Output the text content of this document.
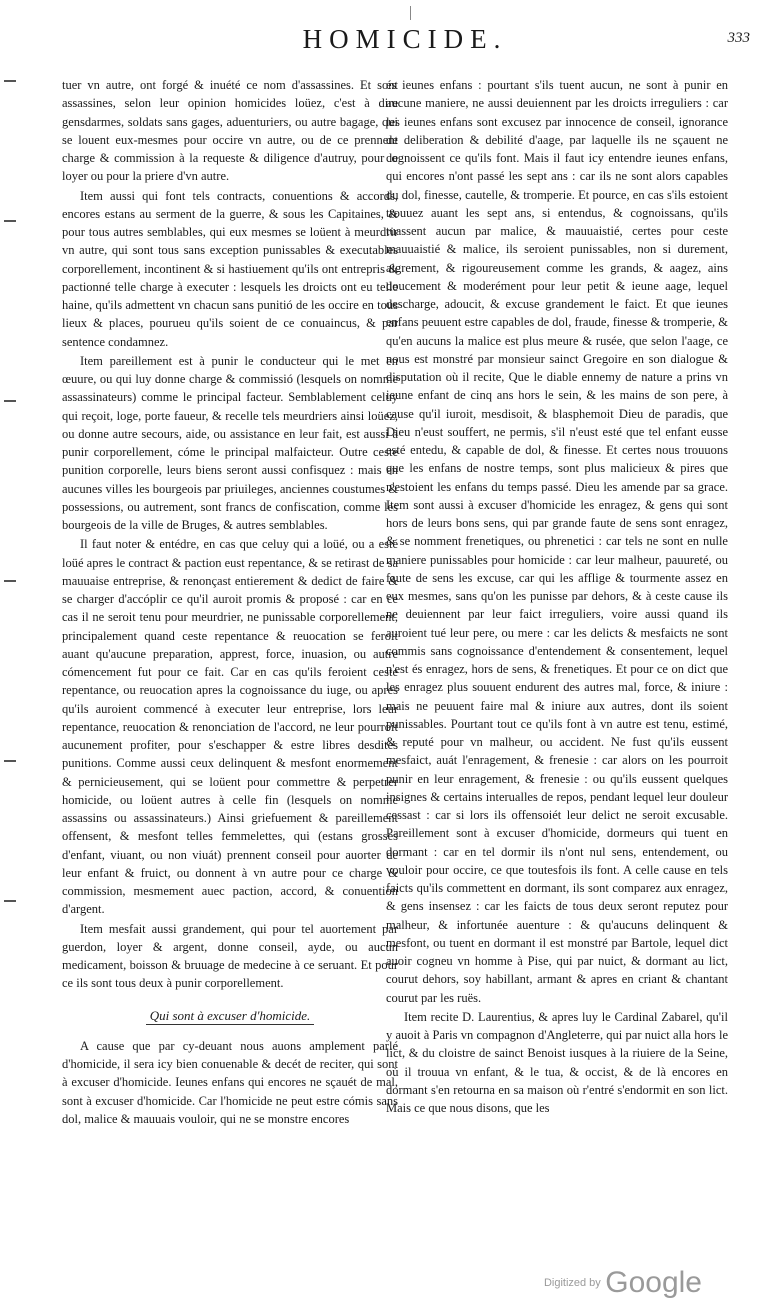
HOMICIDE.	333

tuer vn autre, ont forgé & inuété ce nom d'assassines. Et sont assassines, selon leur opinion homicides loüez, c'est à dire gensdarmes, soldats sans gages, aduenturiers, ou autre bagage, qui se louent eux-mesmes pour occire vn autre, ou de ce prennent charge & commission à la requeste & diligence d'autruy, pour le loyer ou pour la priere d'vn autre.

Item aussi qui font tels contracts, conuentions & accords, encores estans au serment de la guerre, & sous les Capitaines, & pour tous autres semblables, qui eux mesmes se loüent à meurdrir vn autre, qui sont tous sans exception punissables & executables corporellement, incontinent & si hastiuement qu'ils ont entrepris & pactionné telle charge à executer : lesquels les droicts ont eu telle haine, qu'ils admettent vn chacun sans punitió de les occire en tous lieux & places, pourueu qu'ils soient de ce conuaincus, & par sentence condamnez.

Item pareillement est à punir le conducteur qui le met en œuure, ou qui luy donne charge & commissió (lesquels on nomme assassinateurs) comme le principal facteur. Semblablement celuy qui reçoit, loge, porte faueur, & recelle tels meurdriers ainsi loüez, ou donne autre secours, aide, ou assistance en leur fait, est aussi à punir corporellement, cóme le principal malfaicteur. Outre ceste punition corporelle, leurs biens seront aussi confisquez : mais en aucunes villes les bourgeois par priuileges, anciennes coustumes & possessions, ou autrement, sont francs de confiscation, comme les bourgeois de la ville de Bruges, & autres semblables.

Il faut noter & entédre, en cas que celuy qui a loüé, ou a esté loüé apres le contract & paction eust repentance, & se retirast de sa mauuaise entreprise, & renonçast entierement & dedict de faire & se charger d'accóplir ce qu'il auroit promis & proposé : car en ce cas il ne seroit tenu pour meurdrier, ne punissable corporellement, principalement quand ceste repentance & reuocation se feroit auant qu'aucune preparation, apprest, force, inuasion, ou autre cómencement fut pour ce fait. Car en cas qu'ils feroient ceste repentance, ou reuocation apres la cognoissance du iuge, ou apres qu'ils auroient commencé à executer leur entreprise, lors leur repentance, reuocation & renonciation de l'accord, ne leur pourroit aucunement profiter, pour s'eschapper & estre libres desdites punitions. Comme aussi ceux delinquent & mesfont enormement & pernicieusement, qui se loüent pour commettre & perpetrer homicide, ou loüent autres à celle fin (lesquels on nomme assassins ou assassinateurs.) Ainsi griefuement & pareillement offensent, & mesfont telles femmelettes, qui (estans grosses d'enfant, viuant, ou non viuát) prennent conseil pour auorter de leur enfant & fruict, ou donnent à vn autre pour ce charge & commission, mesmement auec paction, accord, & conuention d'argent.

Item mesfait aussi grandement, qui pour tel auortement par guerdon, loyer & argent, donne conseil, ayde, ou aucun medicament, boisson & bruuage de medecine à ce seruant. Et pour ce ils sont tous deux à punir corporellement.

Qui sont à excuser d'homicide.

A cause que par cy-deuant nous auons amplement parlé d'homicide, il sera icy bien conuenable & decét de reciter, qui sont à excuser d'homicide. Ieunes enfans qui encores ne sçauét de mal, sont à excuser d'homicide. Car l'homicide ne peut estre cómis sans dol, malice & mauuais vouloir, qui ne se monstre encores

és ieunes enfans : pourtant s'ils tuent aucun, ne sont à punir en aucune maniere, ne aussi deuiennent par les droicts irreguliers : car les ieunes enfans sont excusez par innocence de conseil, ignorance de deliberation & debilité d'aage, par laquelle ils ne sçauent ne cognoissent ce qu'ils font. Mais il faut icy entendre ieunes enfans, qui encores n'ont passé les sept ans : car ils ne sont alors capables du dol, finesse, cautelle, & tromperie. Et pource, en cas s'ils estoient trouuez auant les sept ans, si entendus, & cognoissans, qu'ils tuassent aucun par malice, & mauuaistié, certes pour ceste mauuaistié & malice, ils seroient punissables, non si durement, aigrement, & rigoureusement comme les grands, & aagez, ains doucement & moderément pour leur petit & ieune aage, lequel descharge, adoucit, & excuse grandement le faict. Et que ieunes enfans peuuent estre capables de dol, fraude, finesse & tromperie, & qu'en aucuns la malice est plus meure & rusée, que selon l'aage, ce nous est monstré par monsieur sainct Gregoire en son dialogue & disputation où il recite, Que le diable ennemy de nature a prins vn ieune enfant de cinq ans hors le sein, & les mains de son pere, à cause qu'il iuroit, mesdisoit, & blasphemoit Dieu de paradis, que Dieu n'eust souffert, ne permis, s'il n'eust esté que tel enfant eusse esté entedu, & capable de dol, & finesse. Et certes nous trouuons que les enfans de nostre temps, sont plus malicieux & pires que n'estoient les enfans du temps passé. Dieu les amende par sa grace. Item sont aussi à excuser d'homicide les enragez, & gens qui sont hors de leurs bons sens, qui par grande faute de sens sont enragez, & se nomment frenetiques, ou phrenetici : car tels ne sont en nulle maniere punissables pour homicide : car leur malheur, pauureté, ou faute de sens les excuse, car qui les afflige & tourmente assez en eux mesmes, sans qu'on les punisse par dehors, & à ceste cause ils ne deuiennent par leur faict irreguliers, voire aussi quand ils auroient tué leur pere, ou mere : car les delicts & mesfaicts ne sont commis sans cognoissance d'entendement & consentement, lequel n'est és enragez, hors de sens, & frenetiques. Et pour ce on dict que les enragez plus souuent endurent des autres mal, force, & iniure : mais ne peuuent faire mal & iniure aux autres, dont ils soient punissables. Pourtant tout ce qu'ils font à vn autre est tenu, estimé, & reputé pour vn malheur, ou accident. Ne fust qu'ils eussent mesfaict, auát l'enragement, & frenesie : car alors on les pourroit punir en leur enragement, & frenesie : ou qu'ils eussent quelques insignes & certains interualles de repos, pendant lequel leur douleur cessast : car si lors ils offensoiét leur delict ne seroit excusable. Pareillement sont à excuser d'homicide, dormeurs qui tuent en dormant : car en tel dormir ils n'ont nul sens, entendement, ou vouloir pour occire, ce que toutesfois ils font. A celle cause en tels faicts qu'ils commettent en dormant, ils sont comparez aux enragez, & gens insensez : car les faicts de tous deux seront reputez pour malheur, & infortunée auenture : & qu'aucuns delinquent & mesfont, ou tuent en dormant il est monstré par Bartole, lequel dict auoir cogneu vn homme à Pise, qui par nuict, & dormant au lict, courut dehors, soy habillant, armant & apres en criant & chantant courut par les ruës.

Item recite D. Laurentius, & apres luy le Cardinal Zabarel, qu'il y auoit à Paris vn compagnon d'Angleterre, qui par nuict alla hors le lict, & du cloistre de sainct Benoist iusques à la riuiere de la Seine, où il trouua vn enfant, & le tua, & occist, & de là encores en dormant s'en retourna en sa maison où r'entré s'endormit en son lict. Mais ce que nous disons, que les

Digitized by Google
